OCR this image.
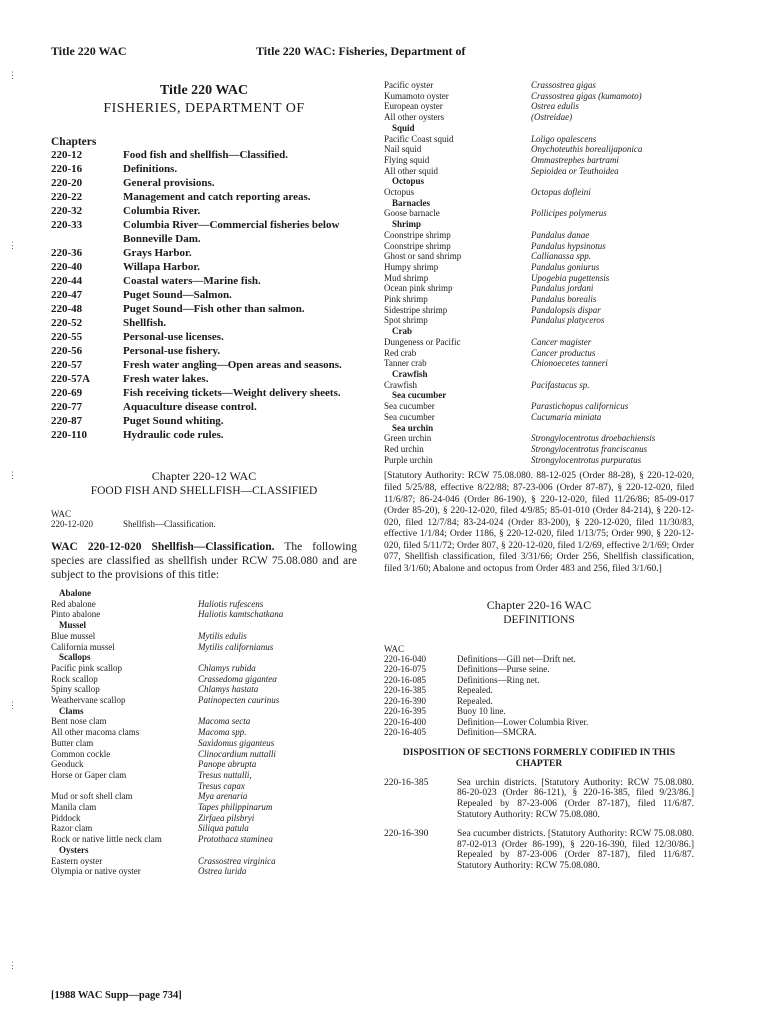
Title 220 WAC	Title 220 WAC: Fisheries, Department of
⋮
⋮
⋮
⋮
⋮
Title 220 WAC
FISHERIES, DEPARTMENT OF
Chapters
220-12	Food fish and shellfish—Classified.
220-16	Definitions.
220-20	General provisions.
220-22	Management and catch reporting areas.
220-32	Columbia River.
220-33	Columbia River—Commercial fisheries below Bonneville Dam.
220-36	Grays Harbor.
220-40	Willapa Harbor.
220-44	Coastal waters—Marine fish.
220-47	Puget Sound—Salmon.
220-48	Puget Sound—Fish other than salmon.
220-52	Shellfish.
220-55	Personal-use licenses.
220-56	Personal-use fishery.
220-57	Fresh water angling—Open areas and seasons.
220-57A	Fresh water lakes.
220-69	Fish receiving tickets—Weight delivery sheets.
220-77	Aquaculture disease control.
220-87	Puget Sound whiting.
220-110	Hydraulic code rules.
Chapter 220-12 WAC
FOOD FISH AND SHELLFISH—CLASSIFIED
WAC
220-12-020	Shellfish—Classification.
WAC 220-12-020 Shellfish—Classification. The following species are classified as shellfish under RCW 75.08.080 and are subject to the provisions of this title:
Abalone
Red abalone	Haliotis rufescens
Pinto abalone	Haliotis kamtschatkana
Mussel
Blue mussel	Mytilis edulis
California mussel	Mytilis californianus
Scallops
Pacific pink scallop	Chlamys rubida
Rock scallop	Crassedoma giganteα
Spiny scallop	Chlamys hastata
Weathervane scallop	Patinopecten caurinus
Clams
Bent nose clam	Macoma secta
All other macoma clams	Macoma spp.
Butter clam	Saxidomus giganteus
Common cockle	Clinocardium nuttalli
Geoduck	Panope abrupta
Horse or Gaper clam	Tresus nuttalli,
Tresus capax
Mud or soft shell clam	Mya arenaria
Manila clam	Tapes philippinarum
Piddock	Zirfaea pilsbryi
Razor clam	Siliqua patula
Rock or native little neck clam	Protothaca staminea
Oysters
Eastern oyster	Crassostrea virginica
Olympia or native oyster	Ostrea lurida
Pacific oyster	Crassostrea gigas
Kumamoto oyster	Crassostrea gigas (kumamoto)
European oyster	Ostrea edulis
All other oysters	(Ostreidae)
Squid
Pacific Coast squid	Loligo opalescens
Nail squid	Onychoteuthis borealijaponica
Flying squid	Ommastrephes bartrami
All other squid	Sepioidea or Teuthoidea
Octopus
Octopus	Octopus dofleini
Barnacles
Goose barnacle	Pollicipes polymerus
Shrimp
Coonstripe shrimp	Pandalus danae
Coonstripe shrimp	Pandalus hypsinotus
Ghost or sand shrimp	Callianassa spp.
Humpy shrimp	Pandalus goniurus
Mud shrimp	Upogebia pugettensis
Ocean pink shrimp	Pandalus jordani
Pink shrimp	Pandalus borealis
Sidestripe shrimp	Pandalopsis dispar
Spot shrimp	Pandalus platyceros
Crab
Dungeness or Pacific	Cancer magister
Red crab	Cancer productus
Tanner crab	Chionoecetes tanneri
Crawfish
Crawfish	Pacifastacus sp.
Sea cucumber
Sea cucumber	Parastichopus californicus
Sea cucumber	Cucumaria miniata
Sea urchin
Green urchin	Strongylocentrotus droebachiensis
Red urchin	Strongylocentrotus franciscanus
Purple urchin	Strongylocentrotus purpuratus
[Statutory Authority: RCW 75.08.080. 88-12-025 (Order 88-28), § 220-12-020, filed 5/25/88, effective 8/22/88; 87-23-006 (Order 87-87), § 220-12-020, filed 11/6/87; 86-24-046 (Order 86-190), § 220-12-020, filed 11/26/86; 85-09-017 (Order 85-20), § 220-12-020, filed 4/9/85; 85-01-010 (Order 84-214), § 220-12-020, filed 12/7/84; 83-24-024 (Order 83-200), § 220-12-020, filed 11/30/83, effective 1/1/84; Order 1186, § 220-12-020, filed 1/13/75; Order 990, § 220-12-020, filed 5/11/72; Order 807, § 220-12-020, filed 1/2/69, effective 2/1/69; Order 077, Shellfish classification, filed 3/31/66; Order 256, Shellfish classification, filed 3/1/60; Abalone and octopus from Order 483 and 256, filed 3/1/60.]
Chapter 220-16 WAC
DEFINITIONS
WAC
220-16-040	Definitions—Gill net—Drift net.
220-16-075	Definitions—Purse seine.
220-16-085	Definitions—Ring net.
220-16-385	Repealed.
220-16-390	Repealed.
220-16-395	Buoy 10 line.
220-16-400	Definition—Lower Columbia River.
220-16-405	Definition—SMCRA.
DISPOSITION OF SECTIONS FORMERLY CODIFIED IN THIS CHAPTER
220-16-385	Sea urchin districts. [Statutory Authority: RCW 75.08.080. 86-20-023 (Order 86-121), § 220-16-385, filed 9/23/86.] Repealed by 87-23-006 (Order 87-187), filed 11/6/87. Statutory Authority: RCW 75.08.080.
220-16-390	Sea cucumber districts. [Statutory Authority: RCW 75.08.080. 87-02-013 (Order 86-199), § 220-16-390, filed 12/30/86.] Repealed by 87-23-006 (Order 87-187), filed 11/6/87. Statutory Authority: RCW 75.08.080.
[1988 WAC Supp—page 734]
